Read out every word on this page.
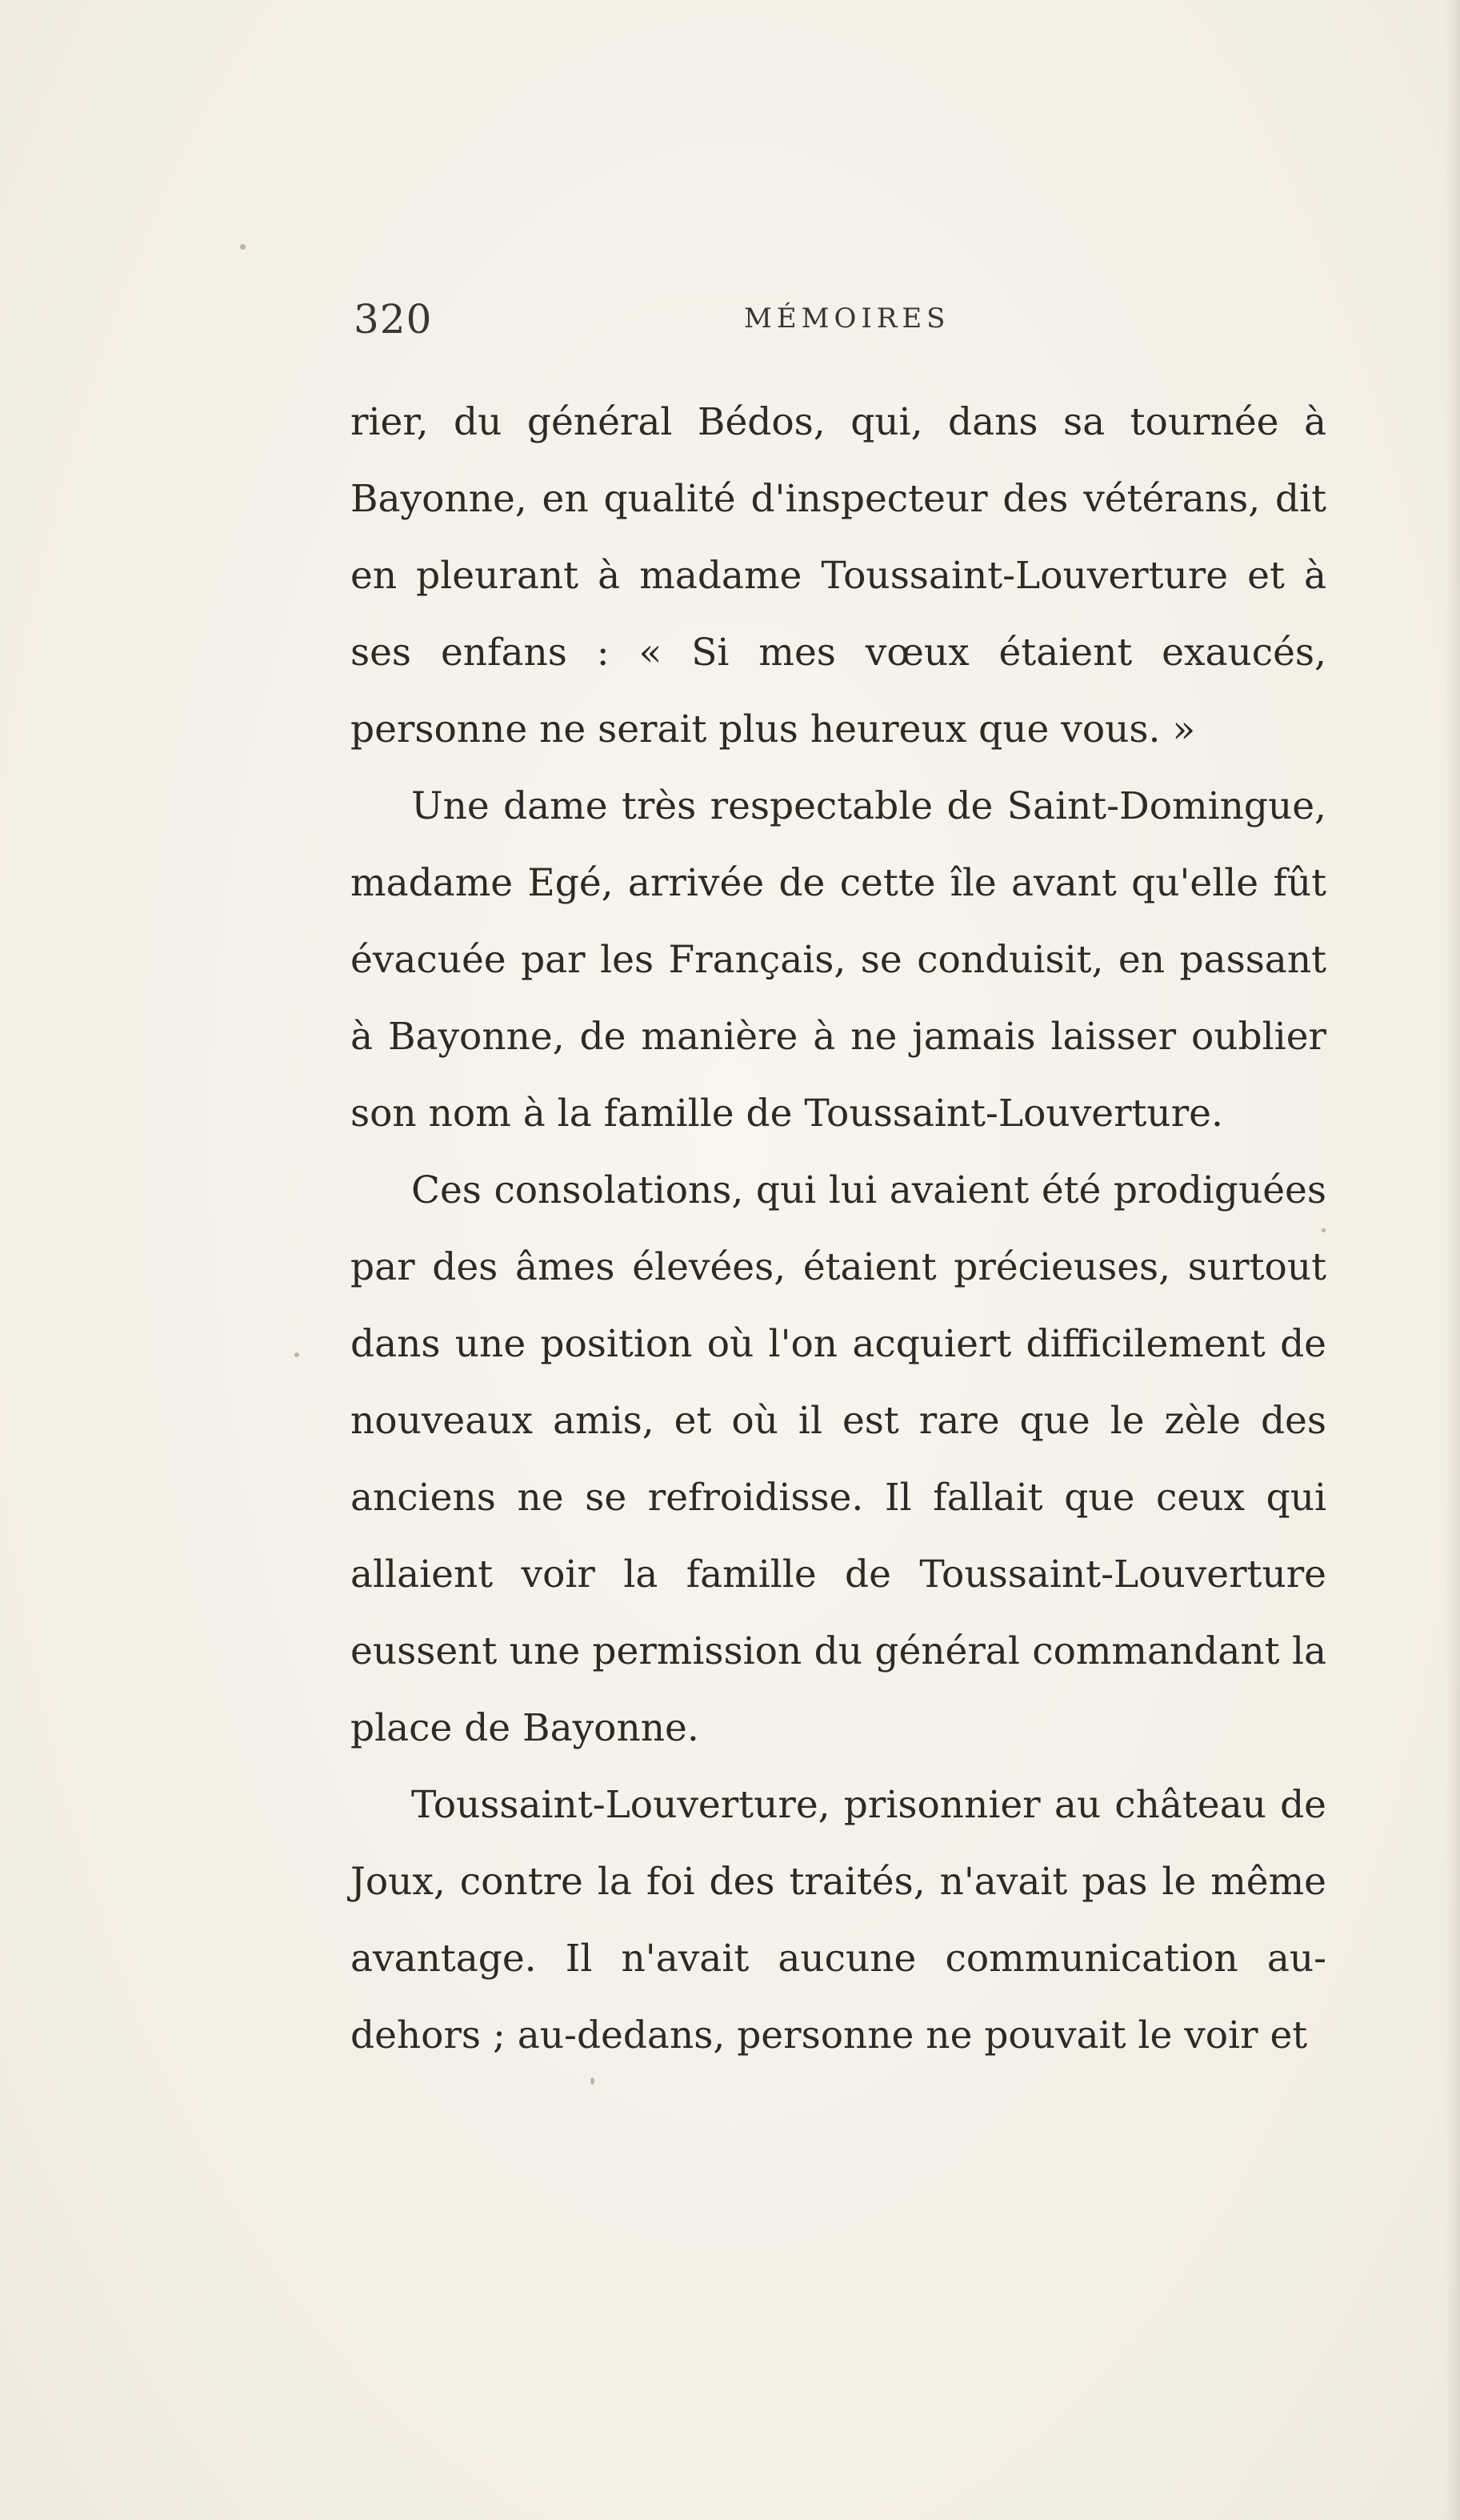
320	MÉMOIRES

rier, du général Bédos, qui, dans sa tournée à Bayonne, en qualité d'inspecteur des vétérans, dit en pleurant à madame Toussaint-Louverture et à ses enfans : « Si mes vœux étaient exaucés, personne ne serait plus heureux que vous. »

Une dame très respectable de Saint-Domingue, madame Egé, arrivée de cette île avant qu'elle fût évacuée par les Français, se conduisit, en passant à Bayonne, de manière à ne jamais laisser oublier son nom à la famille de Toussaint-Louverture.

Ces consolations, qui lui avaient été prodiguées par des âmes élevées, étaient précieuses, surtout dans une position où l'on acquiert difficilement de nouveaux amis, et où il est rare que le zèle des anciens ne se refroidisse. Il fallait que ceux qui allaient voir la famille de Toussaint-Louverture eussent une permission du général commandant la place de Bayonne.

Toussaint-Louverture, prisonnier au château de Joux, contre la foi des traités, n'avait pas le même avantage. Il n'avait aucune communication au-dehors ; au-dedans, personne ne pouvait le voir et
